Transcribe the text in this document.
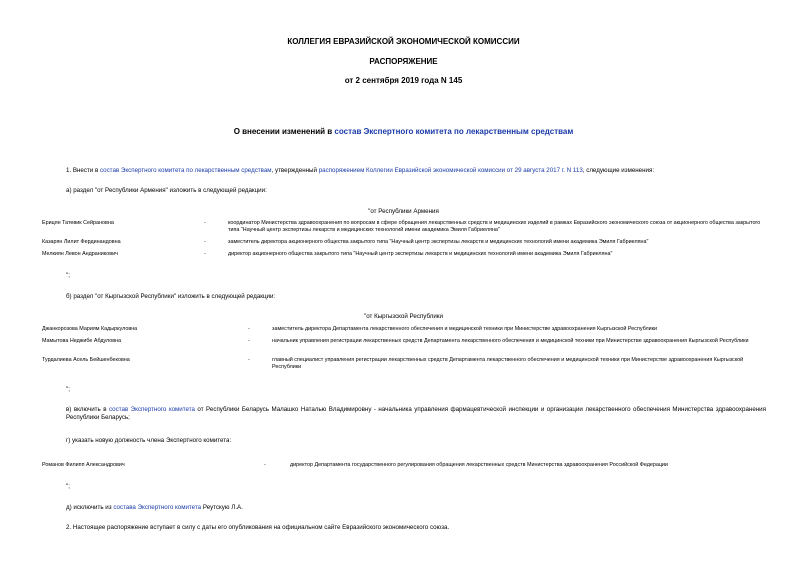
КОЛЛЕГИЯ ЕВРАЗИЙСКОЙ ЭКОНОМИЧЕСКОЙ КОМИССИИ
РАСПОРЯЖЕНИЕ
от 2 сентября 2019 года N 145
О внесении изменений в состав Экспертного комитета по лекарственным средствам
1. Внести в состав Экспертного комитета по лекарственным средствам, утвержденный распоряжением Коллегии Евразийской экономической комиссии от 29 августа 2017 г. N 113, следующие изменения:
а) раздел "от Республики Армения" изложить в следующей редакции:
"от Республики Армения
Ерицян Татевик Сейрановна	-	координатор Министерства здравоохранения по вопросам в сфере обращения лекарственных средств и медицинских изделий в рамках Евразийского экономического союза от акционерного общества закрытого типа "Научный центр экспертизы лекарств и медицинских технологий имени академика Эмиля Габриеляна"
Казарян Лилит Фердинандовна	-	заместитель директора акционерного общества закрытого типа "Научный центр экспертизы лекарств и медицинских технологий имени академика Эмиля Габриеляна"
Мелкиян Левон Андраникович	-	директор акционерного общества закрытого типа "Научный центр экспертизы лекарств и медицинских технологий имени академика Эмиля Габриеляна"
";
б) раздел "от Кыргызской Республики" изложить в следующей редакции:
"от Кыргызской Республики
Джанкорозова Мариям Кадыркуловна	-	заместитель директора Департамента лекарственного обеспечения и медицинской техники при Министерстве здравоохранения Кыргызской Республики
Мамытова Неджибе Абдуловна	-	начальник управления регистрации лекарственных средств Департамента лекарственного обеспечения и медицинской техники при Министерстве здравоохранения Кыргызской Республики
Турдалиева Асель Бейшенбековна	-	главный специалист управления регистрации лекарственных средств Департамента лекарственного обеспечения и медицинской техники при Министерстве здравоохранения Кыргызской Республики
";
в) включить в состав Экспертного комитета от Республики Беларусь Малашко Наталью Владимировну - начальника управления фармацевтической инспекции и организации лекарственного обеспечения Министерства здравоохранения Республики Беларусь;
г) указать новую должность члена Экспертного комитета:
Романов Филипп Александрович	-	директор Департамента государственного регулирования обращения лекарственных средств Министерства здравоохранения Российской Федерации
";
д) исключить из состава Экспертного комитета Реутскую Л.А.
2. Настоящее распоряжение вступает в силу с даты его опубликования на официальном сайте Евразийского экономического союза.
